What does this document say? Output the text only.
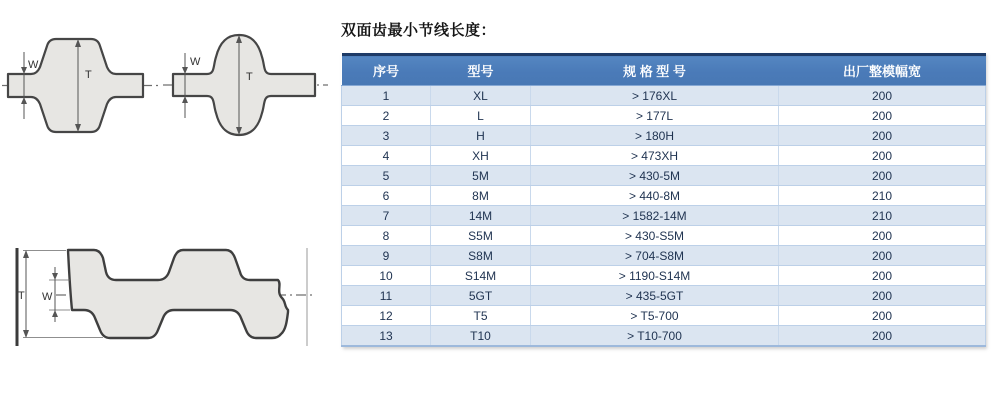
W
T
W
T
T W
双面齿最小节线长度：
序号	型号	规 格 型 号	出厂整模幅宽
1	XL	> 176XL	200
2	L	> 177L	200
3	H	> 180H	200
4	XH	> 473XH	200
5	5M	> 430-5M	200
6	8M	> 440-8M	210
7	14M	> 1582-14M	210
8	S5M	> 430-S5M	200
9	S8M	> 704-S8M	200
10	S14M	> 1190-S14M	200
11	5GT	> 435-5GT	200
12	T5	> T5-700	200
13	T10	> T10-700	200
